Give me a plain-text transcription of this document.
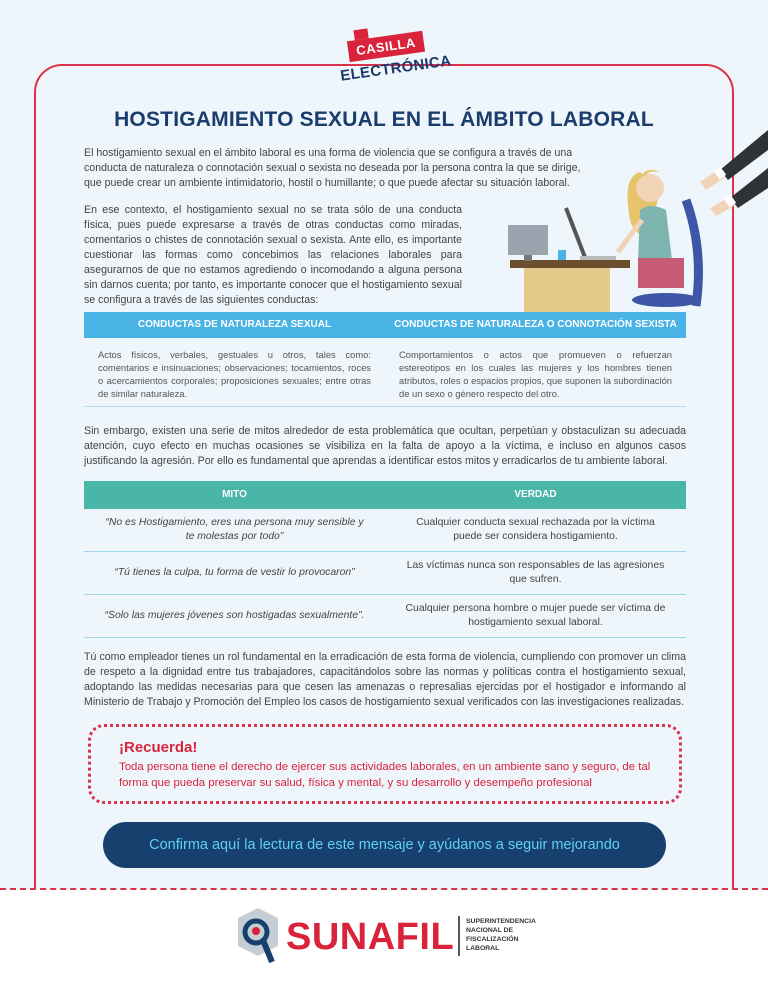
CASILLA
ELECTRÓNICA
HOSTIGAMIENTO SEXUAL EN EL ÁMBITO LABORAL

El hostigamiento sexual en el ámbito laboral es una forma de violencia que se configura a través de una conducta de naturaleza o connotación sexual o sexista no deseada por la persona contra la que se dirige, que puede crear un ambiente intimidatorio, hostil o humillante; o que puede afectar su situación laboral.

En ese contexto, el hostigamiento sexual no se trata sólo de una conducta física, pues puede expresarse a través de otras conductas como miradas, comentarios o chistes de connotación sexual o sexista. Ante ello, es importante cuestionar las formas como concebimos las relaciones laborales para asegurarnos de que no estamos agrediendo o incomodando a alguna persona sin darnos cuenta; por tanto, es importante conocer que el hostigamiento sexual se configura a través de las siguientes conductas:

CONDUCTAS DE NATURALEZA SEXUAL	CONDUCTAS DE NATURALEZA O CONNOTACIÓN SEXISTA
Actos físicos, verbales, gestuales u otros, tales como: comentarios e insinuaciones; observaciones; tocamientos, roces o acercamientos corporales; proposiciones sexuales; entre otras de similar naturaleza.
Comportamientos o actos que promueven o refuerzan estereotipos en los cuales las mujeres y los hombres tienen atributos, roles o espacios propios, que suponen la subordinación de un sexo o género respecto del otro.

Sin embargo, existen una serie de mitos alrededor de esta problemática que ocultan, perpetúan y obstaculizan su adecuada atención, cuyo efecto en muchas ocasiones se visibiliza en la falta de apoyo a la víctima, e incluso en algunos casos justificando la agresión. Por ello es fundamental que aprendas a identificar estos mitos y erradicarlos de tu ambiente laboral.

MITO	VERDAD
“No es Hostigamiento, eres una persona muy sensible y te molestas por todo”
Cualquier conducta sexual rechazada por la víctima puede ser considera hostigamiento.
“Tú tienes la culpa, tu forma de vestir lo provocaron”
Las víctimas nunca son responsables de las agresiones que sufren.
“Solo las mujeres jóvenes son hostigadas sexualmente”.
Cualquier persona hombre o mujer puede ser víctima de hostigamiento sexual laboral.

Tú como empleador tienes un rol fundamental en la erradicación de esta forma de violencia, cumpliendo con promover un clima de respeto a la dignidad entre tus trabajadores, capacitándolos sobre las normas y políticas contra el hostigamiento sexual, adoptando las medidas necesarias para que cesen las amenazas o represalias ejercidas por el hostigador e informando al Ministerio de Trabajo y Promoción del Empleo los casos de hostigamiento sexual verificados con las investigaciones realizadas.

¡Recuerda!
Toda persona tiene el derecho de ejercer sus actividades laborales, en un ambiente sano y seguro, de tal forma que pueda preservar su salud, física y mental, y su desarrollo y desempeño profesional
Confirma aquí la lectura de este mensaje y ayúdanos a seguir mejorando
SUNAFIL SUPERINTENDENCIA
NACIONAL DE
FISCALIZACIÓN
LABORAL
